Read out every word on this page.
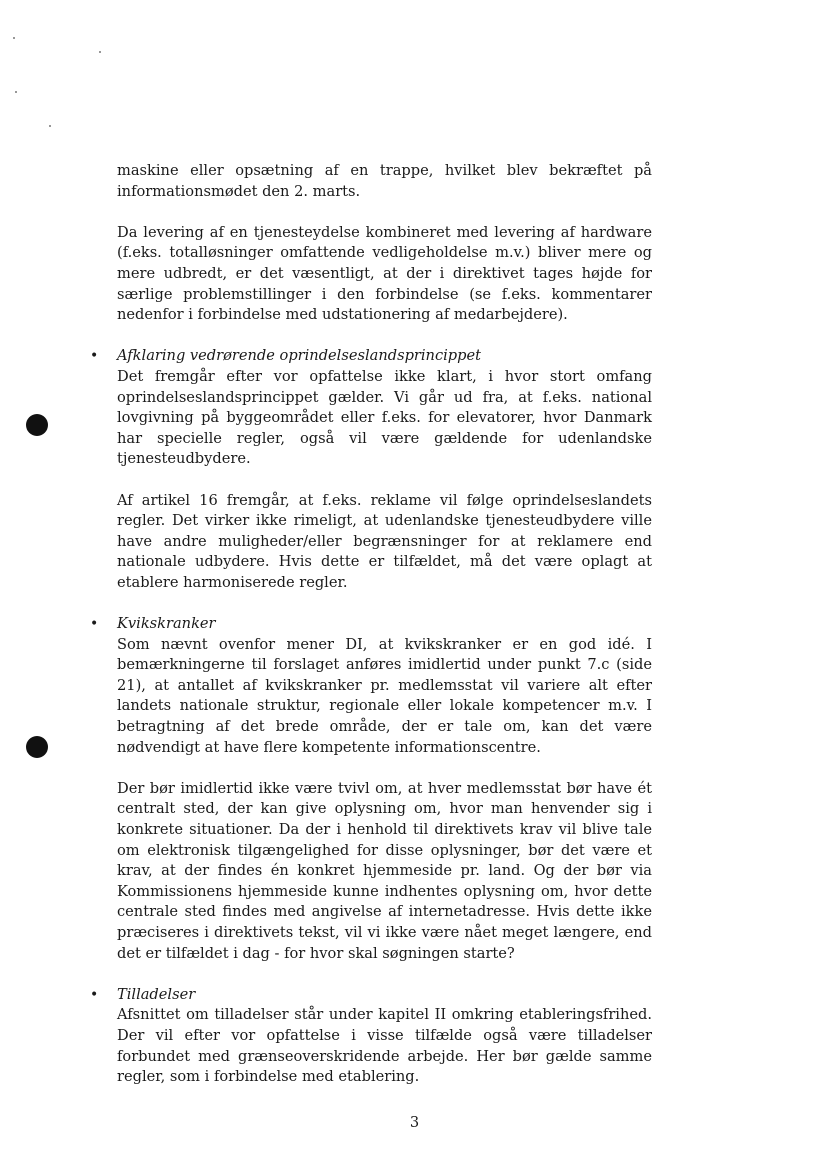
maskine eller opsætning af en trappe, hvilket blev bekræftet på informationsmødet den 2. marts.

Da levering af en tjenesteydelse kombineret med levering af hardware (f.eks. totalløsninger omfattende vedligeholdelse m.v.) bliver mere og mere udbredt, er det væsentligt, at der i direktivet tages højde for særlige problemstillinger i den forbindelse (se f.eks. kommentarer nedenfor i forbindelse med udstationering af medarbejdere).

• Afklaring vedrørende oprindelseslandsprincippet

Det fremgår efter vor opfattelse ikke klart, i hvor stort omfang oprindelseslandsprincippet gælder. Vi går ud fra, at f.eks. national lovgivning på byggeområdet eller f.eks. for elevatorer, hvor Danmark har specielle regler, også vil være gældende for udenlandske tjenesteudbydere.

Af artikel 16 fremgår, at f.eks. reklame vil følge oprindelseslandets regler. Det virker ikke rimeligt, at udenlandske tjenesteudbydere ville have andre muligheder/eller begrænsninger for at reklamere end nationale udbydere. Hvis dette er tilfældet, må det være oplagt at etablere harmoniserede regler.

• Kvikskranker

Som nævnt ovenfor mener DI, at kvikskranker er en god idé. I bemærkningerne til forslaget anføres imidlertid under punkt 7.c (side 21), at antallet af kvikskranker pr. medlemsstat vil variere alt efter landets nationale struktur, regionale eller lokale kompetencer m.v. I betragtning af det brede område, der er tale om, kan det være nødvendigt at have flere kompetente informationscentre.

Der bør imidlertid ikke være tvivl om, at hver medlemsstat bør have ét centralt sted, der kan give oplysning om, hvor man henvender sig i konkrete situationer. Da der i henhold til direktivets krav vil blive tale om elektronisk tilgængelighed for disse oplysninger, bør det være et krav, at der findes én konkret hjemmeside pr. land. Og der bør via Kommissionens hjemmeside kunne indhentes oplysning om, hvor dette centrale sted findes med angivelse af internetadresse. Hvis dette ikke præciseres i direktivets tekst, vil vi ikke være nået meget længere, end det er tilfældet i dag - for hvor skal søgningen starte?

• Tilladelser

Afsnittet om tilladelser står under kapitel II omkring etableringsfrihed. Der vil efter vor opfattelse i visse tilfælde også være tilladelser forbundet med grænseoverskridende arbejde. Her bør gælde samme regler, som i forbindelse med etablering.

3
